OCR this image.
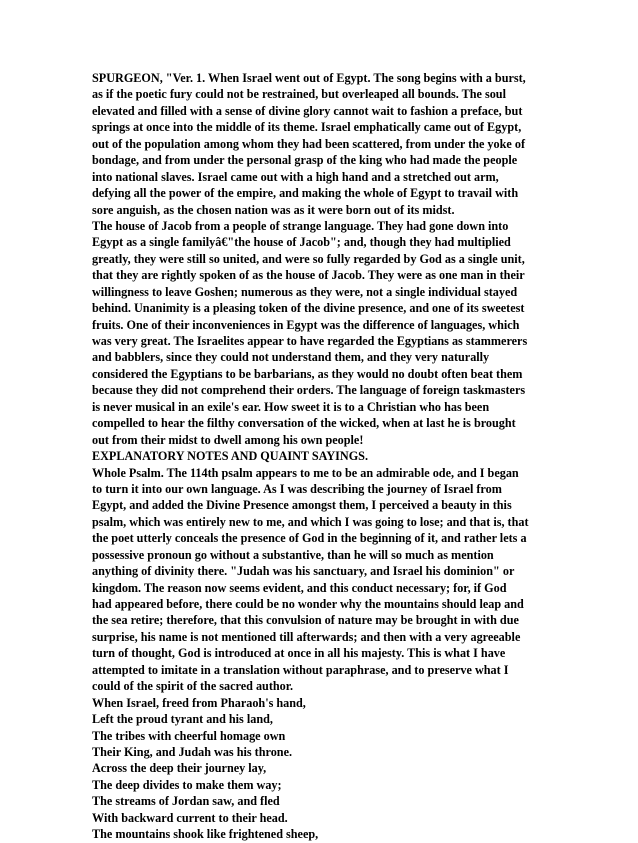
SPURGEON, "Ver. 1. When Israel went out of Egypt. The song begins with a burst,
as if the poetic fury could not be restrained, but overleaped all bounds. The soul
elevated and filled with a sense of divine glory cannot wait to fashion a preface, but
springs at once into the middle of its theme. Israel emphatically came out of Egypt,
out of the population among whom they had been scattered, from under the yoke of
bondage, and from under the personal grasp of the king who had made the people
into national slaves. Israel came out with a high hand and a stretched out arm,
defying all the power of the empire, and making the whole of Egypt to travail with
sore anguish, as the chosen nation was as it were born out of its midst.
The house of Jacob from a people of strange language. They had gone down into
Egypt as a single familyâ€"the house of Jacob"; and, though they had multiplied
greatly, they were still so united, and were so fully regarded by God as a single unit,
that they are rightly spoken of as the house of Jacob. They were as one man in their
willingness to leave Goshen; numerous as they were, not a single individual stayed
behind. Unanimity is a pleasing token of the divine presence, and one of its sweetest
fruits. One of their inconveniences in Egypt was the difference of languages, which
was very great. The Israelites appear to have regarded the Egyptians as stammerers
and babblers, since they could not understand them, and they very naturally
considered the Egyptians to be barbarians, as they would no doubt often beat them
because they did not comprehend their orders. The language of foreign taskmasters
is never musical in an exile's ear. How sweet it is to a Christian who has been
compelled to hear the filthy conversation of the wicked, when at last he is brought
out from their midst to dwell among his own people!
EXPLANATORY NOTES AND QUAINT SAYINGS.
Whole Psalm. The 114th psalm appears to me to be an admirable ode, and I began
to turn it into our own language. As I was describing the journey of Israel from
Egypt, and added the Divine Presence amongst them, I perceived a beauty in this
psalm, which was entirely new to me, and which I was going to lose; and that is, that
the poet utterly conceals the presence of God in the beginning of it, and rather lets a
possessive pronoun go without a substantive, than he will so much as mention
anything of divinity there. "Judah was his sanctuary, and Israel his dominion" or
kingdom. The reason now seems evident, and this conduct necessary; for, if God
had appeared before, there could be no wonder why the mountains should leap and
the sea retire; therefore, that this convulsion of nature may be brought in with due
surprise, his name is not mentioned till afterwards; and then with a very agreeable
turn of thought, God is introduced at once in all his majesty. This is what I have
attempted to imitate in a translation without paraphrase, and to preserve what I
could of the spirit of the sacred author.
When Israel, freed from Pharaoh's hand,
Left the proud tyrant and his land,
The tribes with cheerful homage own
Their King, and Judah was his throne.
Across the deep their journey lay,
The deep divides to make them way;
The streams of Jordan saw, and fled
With backward current to their head.
The mountains shook like frightened sheep,
